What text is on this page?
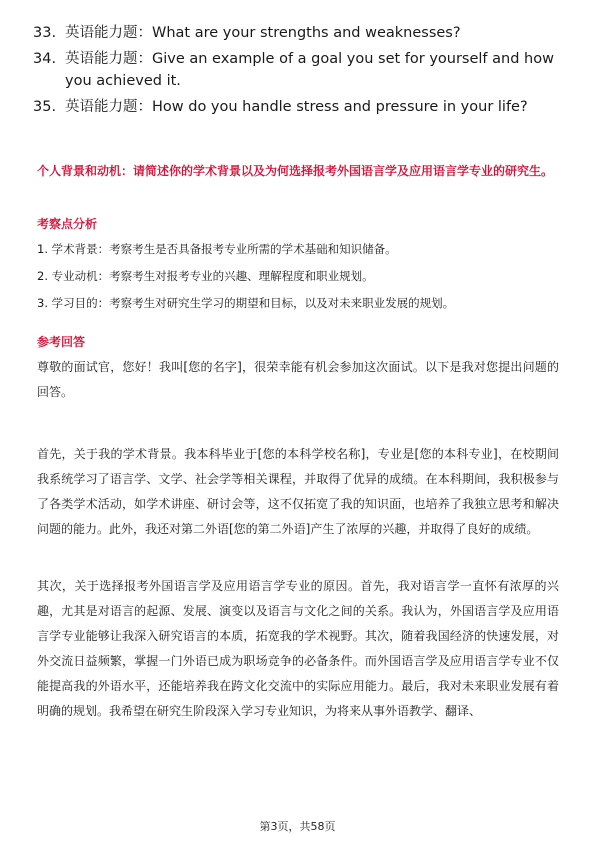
33. 英语能力题：What are your strengths and weaknesses?
34. 英语能力题：Give an example of a goal you set for yourself and how you achieved it.
35. 英语能力题：How do you handle stress and pressure in your life?
个人背景和动机：请简述你的学术背景以及为何选择报考外国语言学及应用语言学专业的研究生。
考察点分析

1. 学术背景：考察考生是否具备报考专业所需的学术基础和知识储备。

2. 专业动机：考察考生对报考专业的兴趣、理解程度和职业规划。

3. 学习目的：考察考生对研究生学习的期望和目标，以及对未来职业发展的规划。

参考回答

尊敬的面试官，您好！我叫[您的名字]，很荣幸能有机会参加这次面试。以下是我对您提出问题的回答。

首先，关于我的学术背景。我本科毕业于[您的本科学校名称]，专业是[您的本科专业]，在校期间我系统学习了语言学、文学、社会学等相关课程，并取得了优异的成绩。在本科期间，我积极参与了各类学术活动，如学术讲座、研讨会等，这不仅拓宽了我的知识面，也培养了我独立思考和解决问题的能力。此外，我还对第二外语[您的第二外语]产生了浓厚的兴趣，并取得了良好的成绩。

其次，关于选择报考外国语言学及应用语言学专业的原因。首先，我对语言学一直怀有浓厚的兴趣，尤其是对语言的起源、发展、演变以及语言与文化之间的关系。我认为，外国语言学及应用语言学专业能够让我深入研究语言的本质，拓宽我的学术视野。其次，随着我国经济的快速发展，对外交流日益频繁，掌握一门外语已成为职场竞争的必备条件。而外国语言学及应用语言学专业不仅能提高我的外语水平，还能培养我在跨文化交流中的实际应用能力。最后，我对未来职业发展有着明确的规划。我希望在研究生阶段深入学习专业知识，为将来从事外语教学、翻译、

第3页，共58页
